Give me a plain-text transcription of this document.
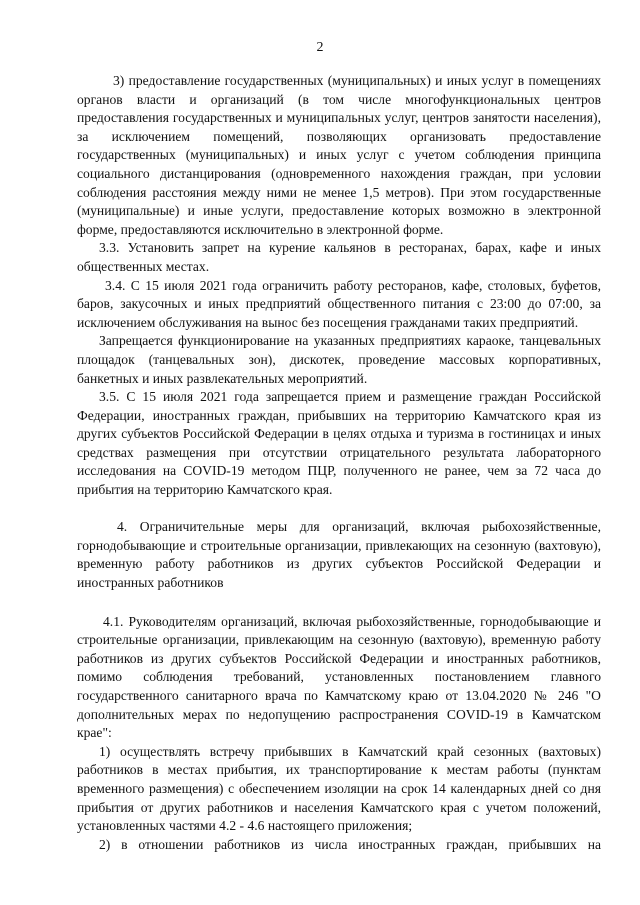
2

3) предоставление государственных (муниципальных) и иных услуг в помещениях органов власти и организаций (в том числе многофункциональных центров предоставления государственных и муниципальных услуг, центров занятости населения), за исключением помещений, позволяющих организовать предоставление государственных (муниципальных) и иных услуг с учетом соблюдения принципа социального дистанцирования (одновременного нахождения граждан, при условии соблюдения расстояния между ними не менее 1,5 метров). При этом государственные (муниципальные) и иные услуги, предоставление которых возможно в электронной форме, предоставляются исключительно в электронной форме.

3.3. Установить запрет на курение кальянов в ресторанах, барах, кафе и иных общественных местах.

3.4. С 15 июля 2021 года ограничить работу ресторанов, кафе, столовых, буфетов, баров, закусочных и иных предприятий общественного питания с 23:00 до 07:00, за исключением обслуживания на вынос без посещения гражданами таких предприятий.

Запрещается функционирование на указанных предприятиях караоке, танцевальных площадок (танцевальных зон), дискотек, проведение массовых корпоративных, банкетных и иных развлекательных мероприятий.

3.5. С 15 июля 2021 года запрещается прием и размещение граждан Российской Федерации, иностранных граждан, прибывших на территорию Камчатского края из других субъектов Российской Федерации в целях отдыха и туризма в гостиницах и иных средствах размещения при отсутствии отрицательного результата лабораторного исследования на COVID-19 методом ПЦР, полученного не ранее, чем за 72 часа до прибытия на территорию Камчатского края.

4. Ограничительные меры для организаций, включая рыбохозяйственные, горнодобывающие и строительные организации, привлекающих на сезонную (вахтовую), временную работу работников из других субъектов Российской Федерации и иностранных работников

4.1. Руководителям организаций, включая рыбохозяйственные, горнодобывающие и строительные организации, привлекающим на сезонную (вахтовую), временную работу работников из других субъектов Российской Федерации и иностранных работников, помимо соблюдения требований, установленных постановлением главного государственного санитарного врача по Камчатскому краю от 13.04.2020 № 246 "О дополнительных мерах по недопущению распространения COVID-19 в Камчатском крае":

1) осуществлять встречу прибывших в Камчатский край сезонных (вахтовых) работников в местах прибытия, их транспортирование к местам работы (пунктам временного размещения) с обеспечением изоляции на срок 14 календарных дней со дня прибытия от других работников и населения Камчатского края с учетом положений, установленных частями 4.2 - 4.6 настоящего приложения;

2) в отношении работников из числа иностранных граждан, прибывших на
